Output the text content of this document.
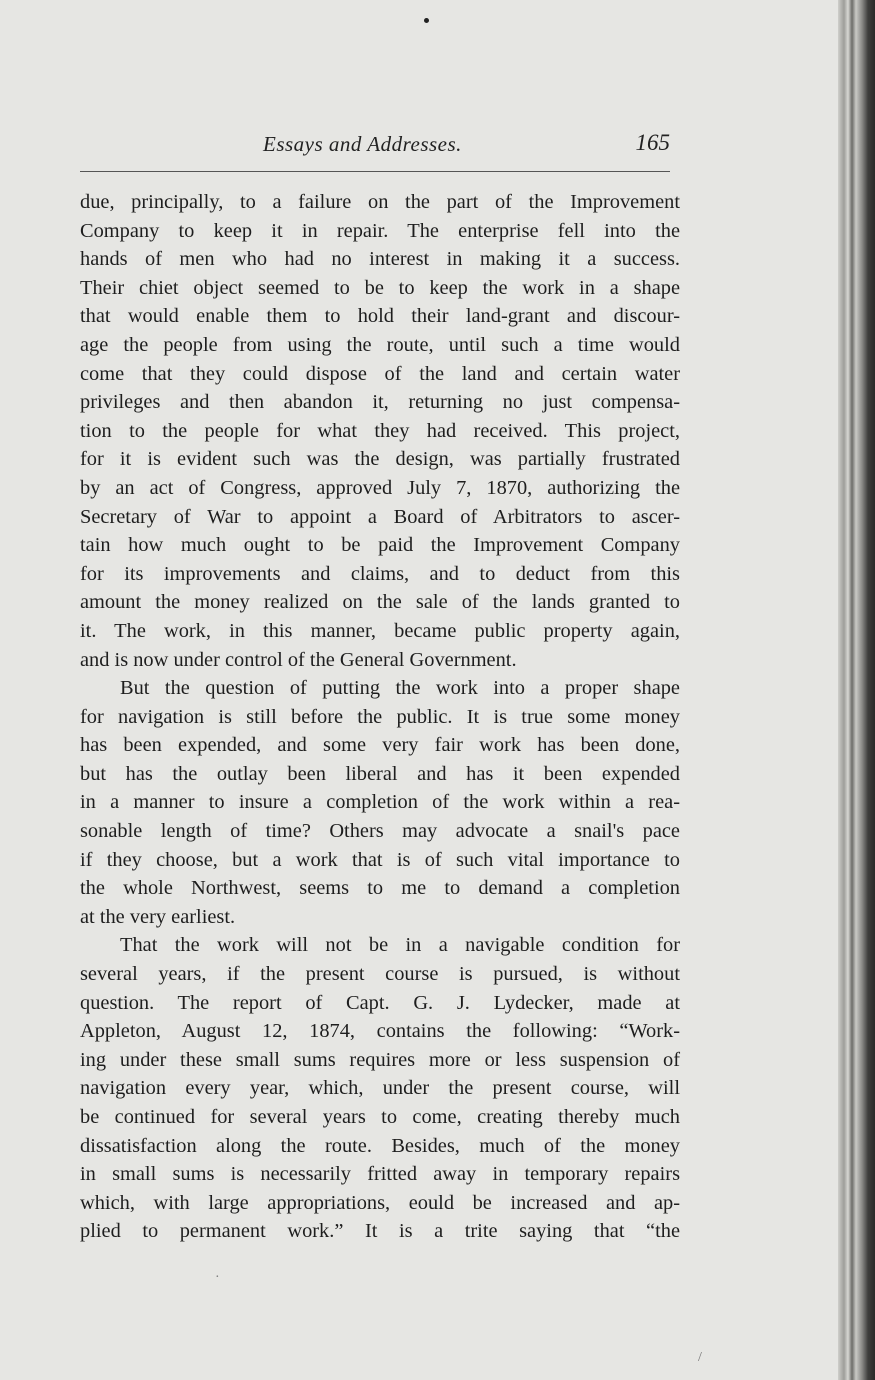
Essays and Addresses.	165
due, principally, to a failure on the part of the Improvement
Company to keep it in repair. The enterprise fell into the
hands of men who had no interest in making it a success.
Their chiet object seemed to be to keep the work in a shape
that would enable them to hold their land-grant and discour-
age the people from using the route, until such a time would
come that they could dispose of the land and certain water
privileges and then abandon it, returning no just compensa-
tion to the people for what they had received. This project,
for it is evident such was the design, was partially frustrated
by an act of Congress, approved July 7, 1870, authorizing the
Secretary of War to appoint a Board of Arbitrators to ascer-
tain how much ought to be paid the Improvement Company
for its improvements and claims, and to deduct from this
amount the money realized on the sale of the lands granted to
it. The work, in this manner, became public property again,
and is now under control of the General Government.
But the question of putting the work into a proper shape
for navigation is still before the public. It is true some money
has been expended, and some very fair work has been done,
but has the outlay been liberal and has it been expended
in a manner to insure a completion of the work within a rea-
sonable length of time? Others may advocate a snail's pace
if they choose, but a work that is of such vital importance to
the whole Northwest, seems to me to demand a completion
at the very earliest.
That the work will not be in a navigable condition for
several years, if the present course is pursued, is without
question. The report of Capt. G. J. Lydecker, made at
Appleton, August 12, 1874, contains the following: “Work-
ing under these small sums requires more or less suspension of
navigation every year, which, under the present course, will
be continued for several years to come, creating thereby much
dissatisfaction along the route. Besides, much of the money
in small sums is necessarily fritted away in temporary repairs
which, with large appropriations, eould be increased and ap-
plied to permanent work.” It is a trite saying that “the
·
/
